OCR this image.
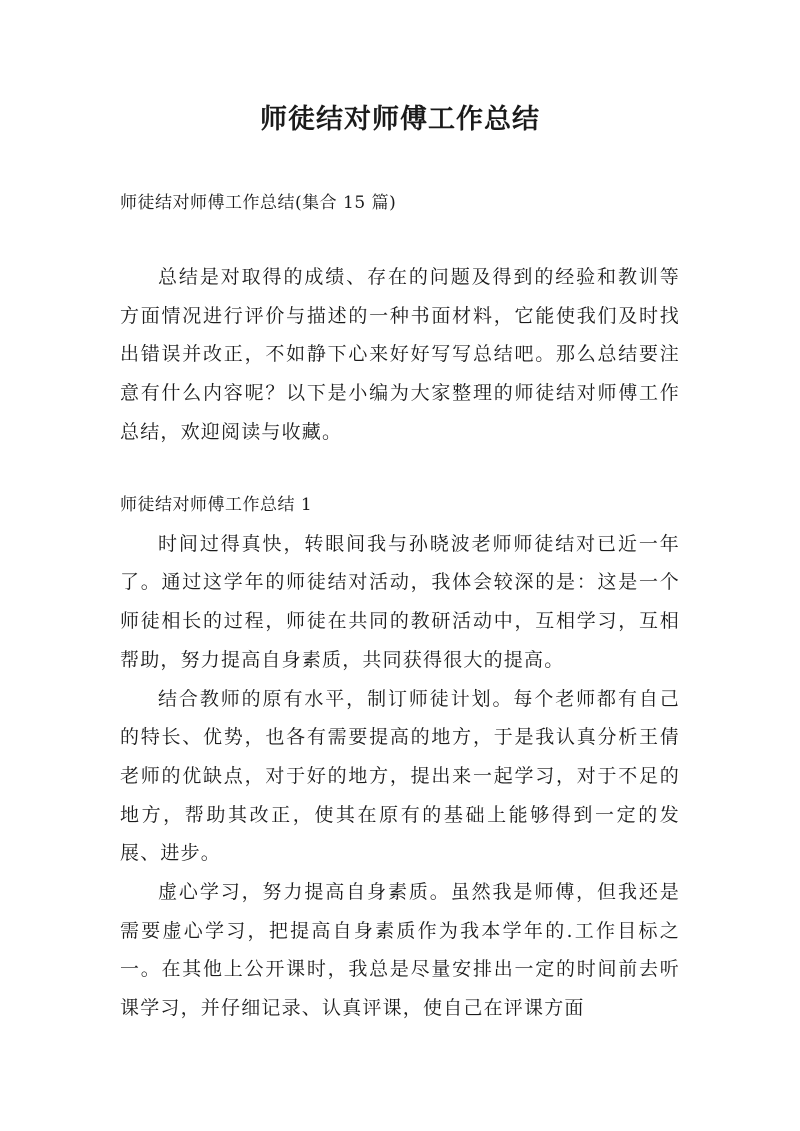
师徒结对师傅工作总结

师徒结对师傅工作总结(集合 15 篇)

总结是对取得的成绩、存在的问题及得到的经验和教训等方面情况进行评价与描述的一种书面材料，它能使我们及时找出错误并改正，不如静下心来好好写写总结吧。那么总结要注意有什么内容呢？以下是小编为大家整理的师徒结对师傅工作总结，欢迎阅读与收藏。

师徒结对师傅工作总结 1

时间过得真快，转眼间我与孙晓波老师师徒结对已近一年了。通过这学年的师徒结对活动，我体会较深的是：这是一个师徒相长的过程，师徒在共同的教研活动中，互相学习，互相帮助，努力提高自身素质，共同获得很大的提高。

结合教师的原有水平，制订师徒计划。每个老师都有自己的特长、优势，也各有需要提高的地方，于是我认真分析王倩老师的优缺点，对于好的地方，提出来一起学习，对于不足的地方，帮助其改正，使其在原有的基础上能够得到一定的发展、进步。

虚心学习，努力提高自身素质。虽然我是师傅，但我还是需要虚心学习，把提高自身素质作为我本学年的.工作目标之一。在其他上公开课时，我总是尽量安排出一定的时间前去听课学习，并仔细记录、认真评课，使自己在评课方面
